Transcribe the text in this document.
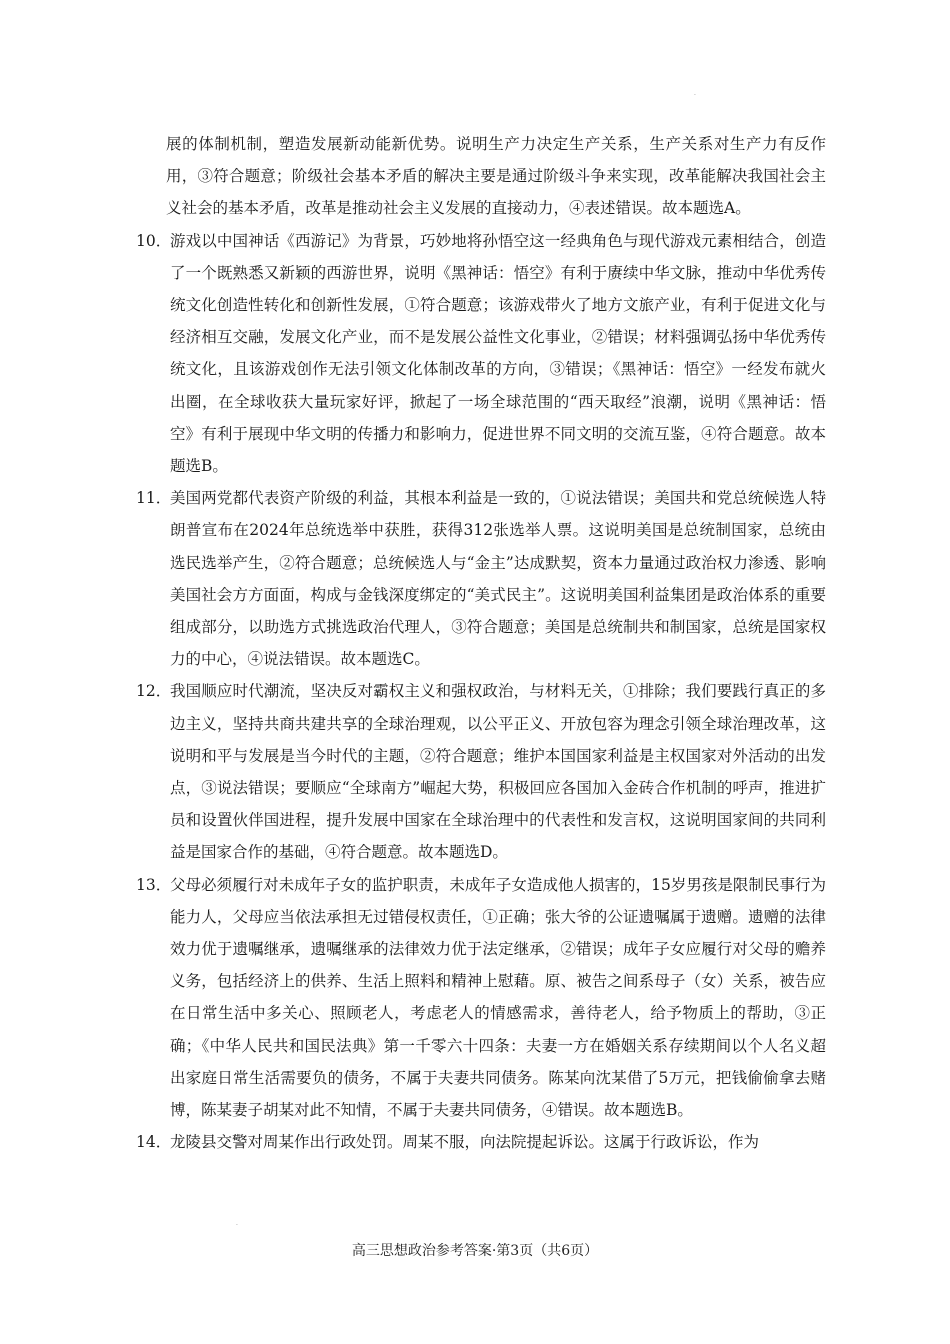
·

展的体制机制，塑造发展新动能新优势。说明生产力决定生产关系，生产关系对生产力有反作用，③符合题意；阶级社会基本矛盾的解决主要是通过阶级斗争来实现，改革能解决我国社会主义社会的基本矛盾，改革是推动社会主义发展的直接动力，④表述错误。故本题选A。

10．
游戏以中国神话《西游记》为背景，巧妙地将孙悟空这一经典角色与现代游戏元素相结合，创造了一个既熟悉又新颖的西游世界，说明《黑神话：悟空》有利于赓续中华文脉，推动中华优秀传统文化创造性转化和创新性发展，①符合题意；该游戏带火了地方文旅产业，有利于促进文化与经济相互交融，发展文化产业，而不是发展公益性文化事业，②错误；材料强调弘扬中华优秀传统文化，且该游戏创作无法引领文化体制改革的方向，③错误；《黑神话：悟空》一经发布就火出圈，在全球收获大量玩家好评，掀起了一场全球范围的“西天取经”浪潮，说明《黑神话：悟空》有利于展现中华文明的传播力和影响力，促进世界不同文明的交流互鉴，④符合题意。故本题选B。
11．
美国两党都代表资产阶级的利益，其根本利益是一致的，①说法错误；美国共和党总统候选人特朗普宣布在2024年总统选举中获胜，获得312张选举人票。这说明美国是总统制国家，总统由选民选举产生，②符合题意；总统候选人与“金主”达成默契，资本力量通过政治权力渗透、影响美国社会方方面面，构成与金钱深度绑定的“美式民主”。这说明美国利益集团是政治体系的重要组成部分，以助选方式挑选政治代理人，③符合题意；美国是总统制共和制国家，总统是国家权力的中心，④说法错误。故本题选C。
12．
我国顺应时代潮流，坚决反对霸权主义和强权政治，与材料无关，①排除；我们要践行真正的多边主义，坚持共商共建共享的全球治理观，以公平正义、开放包容为理念引领全球治理改革，这说明和平与发展是当今时代的主题，②符合题意；维护本国国家利益是主权国家对外活动的出发点，③说法错误；要顺应“全球南方”崛起大势，积极回应各国加入金砖合作机制的呼声，推进扩员和设置伙伴国进程，提升发展中国家在全球治理中的代表性和发言权，这说明国家间的共同利益是国家合作的基础，④符合题意。故本题选D。
13．
父母必须履行对未成年子女的监护职责，未成年子女造成他人损害的，15岁男孩是限制民事行为能力人，父母应当依法承担无过错侵权责任，①正确；张大爷的公证遗嘱属于遗赠。遗赠的法律效力优于遗嘱继承，遗嘱继承的法律效力优于法定继承，②错误；成年子女应履行对父母的赡养义务，包括经济上的供养、生活上照料和精神上慰藉。原、被告之间系母子（女）关系，被告应在日常生活中多关心、照顾老人，考虑老人的情感需求，善待老人，给予物质上的帮助，③正确；《中华人民共和国民法典》第一千零六十四条：夫妻一方在婚姻关系存续期间以个人名义超出家庭日常生活需要负的债务，不属于夫妻共同债务。陈某向沈某借了5万元，把钱偷偷拿去赌博，陈某妻子胡某对此不知情，不属于夫妻共同债务，④错误。故本题选B。
14．
龙陵县交警对周某作出行政处罚。周某不服，向法院提起诉讼。这属于行政诉讼，作为
·
高三思想政治参考答案·第3页（共6页）
